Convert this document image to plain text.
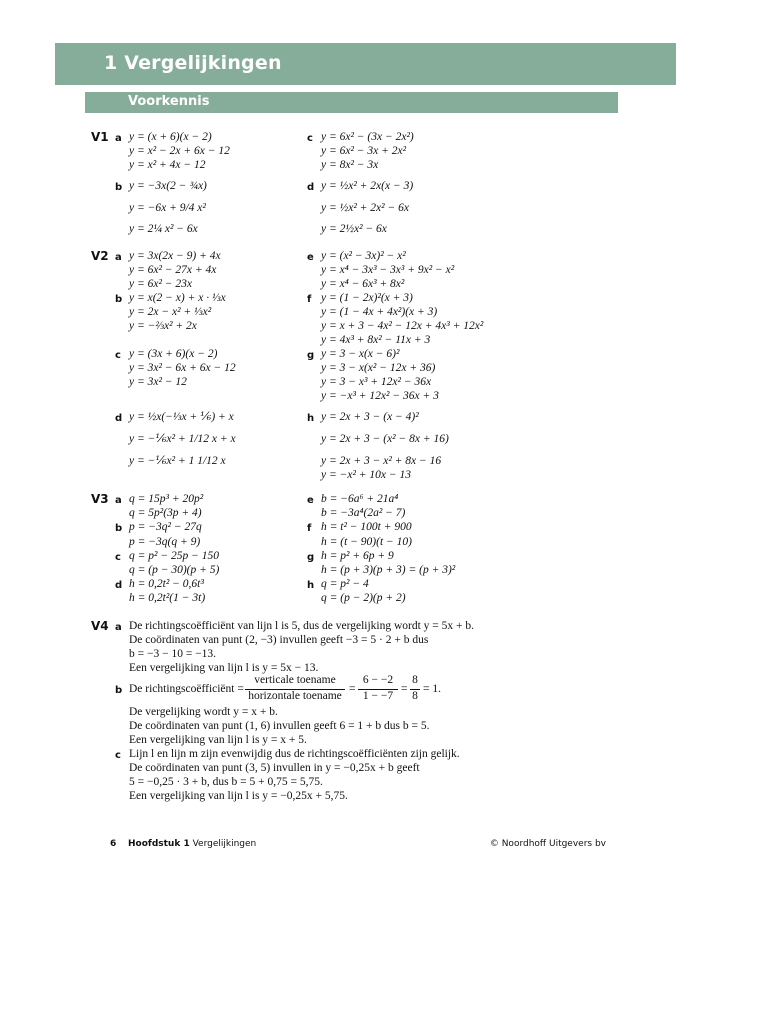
1 Vergelijkingen
Voorkennis
V1 a y = (x + 6)(x − 2)
y = x² − 2x + 6x − 12
y = x² + 4x − 12
b y = −3x(2 − ¾x)
y = −6x + 9/4 x²
y = 2¼ x² − 6x
c y = 6x² − (3x − 2x²)
y = 6x² − 3x + 2x²
y = 8x² − 3x
d y = ½x² + 2x(x − 3)
y = ½x² + 2x² − 6x
y = 2½x² − 6x
V2 a y = 3x(2x − 9) + 4x
y = 6x² − 27x + 4x
y = 6x² − 23x
b y = x(2 − x) + x · ⅓x
y = 2x − x² + ⅓x²
y = −⅔x² + 2x
c y = (3x + 6)(x − 2)
y = 3x² − 6x + 6x − 12
y = 3x² − 12
d y = ½x(−⅓x + ⅙) + x
y = −⅙x² + 1/12 x + x
y = −⅙x² + 1 1/12 x
e y = (x² − 3x)² − x²
y = x⁴ − 3x³ − 3x³ + 9x² − x²
y = x⁴ − 6x³ + 8x²
f y = (1 − 2x)²(x + 3)
y = (1 − 4x + 4x²)(x + 3)
y = x + 3 − 4x² − 12x + 4x³ + 12x²
y = 4x³ + 8x² − 11x + 3
g y = 3 − x(x − 6)²
y = 3 − x(x² − 12x + 36)
y = 3 − x³ + 12x² − 36x
y = −x³ + 12x² − 36x + 3
h y = 2x + 3 − (x − 4)²
y = 2x + 3 − (x² − 8x + 16)
y = 2x + 3 − x² + 8x − 16
y = −x² + 10x − 13
V3 a q = 15p³ + 20p²
q = 5p²(3p + 4)
b p = −3q² − 27q
p = −3q(q + 9)
c q = p² − 25p − 150
q = (p − 30)(p + 5)
d h = 0,2t² − 0,6t³
h = 0,2t²(1 − 3t)
e b = −6a⁶ + 21a⁴
b = −3a⁴(2a² − 7)
f h = t² − 100t + 900
h = (t − 90)(t − 10)
g h = p² + 6p + 9
h = (p + 3)(p + 3) = (p + 3)²
h q = p² − 4
q = (p − 2)(p + 2)
V4 a De richtingscoëfficiënt van lijn l is 5, dus de vergelijking wordt y = 5x + b.
De coördinaten van punt (2, −3) invullen geeft −3 = 5 · 2 + b dus
b = −3 − 10 = −13.
Een vergelijking van lijn l is y = 5x − 13.
b De richtingscoëfficiënt =
verticale toename
horizontale toename
=
6 − −2
1 − −7
=
8
8
= 1.
De vergelijking wordt y = x + b.
De coördinaten van punt (1, 6) invullen geeft 6 = 1 + b dus b = 5.
Een vergelijking van lijn l is y = x + 5.
c Lijn l en lijn m zijn evenwijdig dus de richtingscoëfficiënten zijn gelijk.
De coördinaten van punt (3, 5) invullen in y = −0,25x + b geeft
5 = −0,25 · 3 + b, dus b = 5 + 0,75 = 5,75.
Een vergelijking van lijn l is y = −0,25x + 5,75.
6 Hoofdstuk 1 Vergelijkingen	© Noordhoff Uitgevers bv
